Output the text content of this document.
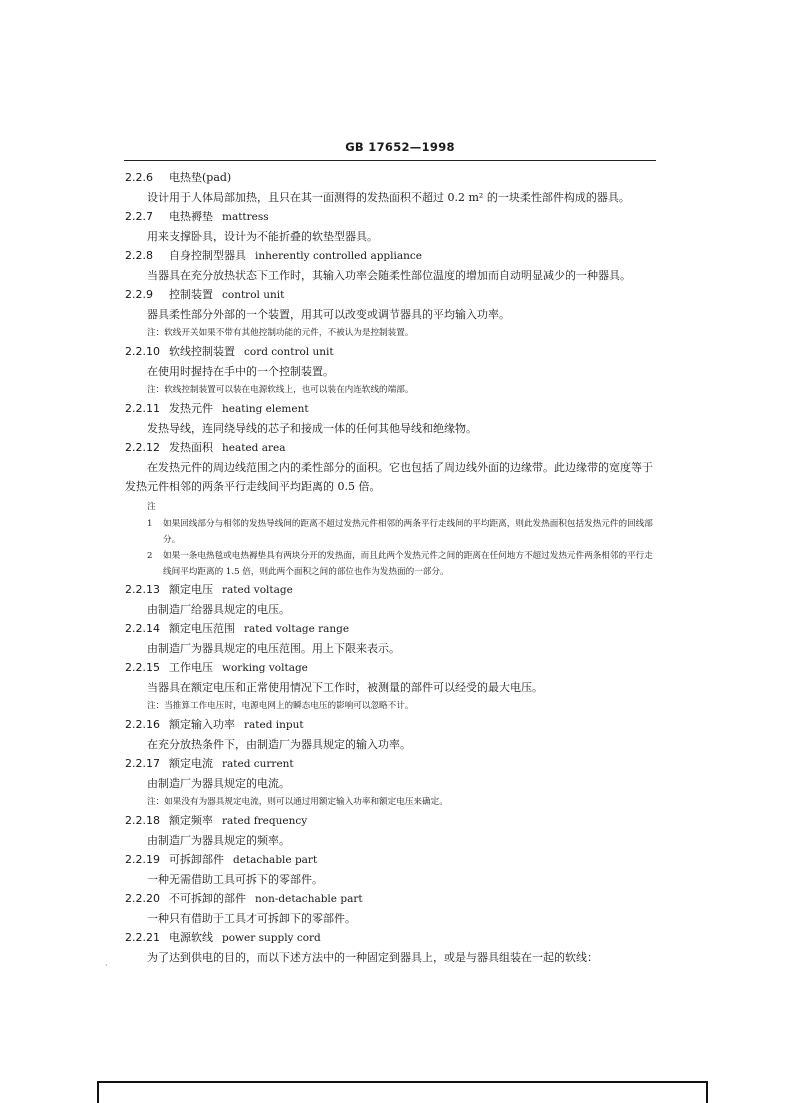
GB 17652—1998
2.2.6 电热垫(pad)
设计用于人体局部加热，且只在其一面测得的发热面积不超过 0.2 m² 的一块柔性部件构成的器具。
2.2.7 电热褥垫 mattress
用来支撑卧具，设计为不能折叠的软垫型器具。
2.2.8 自身控制型器具 inherently controlled appliance
当器具在充分放热状态下工作时，其输入功率会随柔性部位温度的增加而自动明显减少的一种器具。
2.2.9 控制装置 control unit
器具柔性部分外部的一个装置，用其可以改变或调节器具的平均输入功率。
注：软线开关如果不带有其他控制功能的元件，不被认为是控制装置。
2.2.10 软线控制装置 cord control unit
在使用时握持在手中的一个控制装置。
注：软线控制装置可以装在电源软线上，也可以装在内连软线的端部。
2.2.11 发热元件 heating element
发热导线，连同绕导线的芯子和接成一体的任何其他导线和绝缘物。
2.2.12 发热面积 heated area
在发热元件的周边线范围之内的柔性部分的面积。它也包括了周边线外面的边缘带。此边缘带的宽度等于发热元件相邻的两条平行走线间平均距离的 0.5 倍。
注
1	如果回线部分与相邻的发热导线间的距离不超过发热元件相邻的两条平行走线间的平均距离，则此发热面积包括发热元件的回线部分。
2	如果一条电热毯或电热褥垫具有两块分开的发热面，而且此两个发热元件之间的距离在任何地方不超过发热元件两条相邻的平行走线间平均距离的 1.5 倍，则此两个面积之间的部位也作为发热面的一部分。
2.2.13 额定电压 rated voltage
由制造厂给器具规定的电压。
2.2.14 额定电压范围 rated voltage range
由制造厂为器具规定的电压范围。用上下限来表示。
2.2.15 工作电压 working voltage
当器具在额定电压和正常使用情况下工作时，被测量的部件可以经受的最大电压。
注：当推算工作电压时，电源电网上的瞬态电压的影响可以忽略不计。
2.2.16 额定输入功率 rated input
在充分放热条件下，由制造厂为器具规定的输入功率。
2.2.17 额定电流 rated current
由制造厂为器具规定的电流。
注：如果没有为器具规定电流，则可以通过用额定输入功率和额定电压来确定。
2.2.18 额定频率 rated frequency
由制造厂为器具规定的频率。
2.2.19 可拆卸部件 detachable part
一种无需借助工具可拆下的零部件。
2.2.20 不可拆卸的部件 non-detachable part
一种只有借助于工具才可拆卸下的零部件。
2.2.21 电源软线 power supply cord
为了达到供电的目的，而以下述方法中的一种固定到器具上，或是与器具组装在一起的软线：
·
